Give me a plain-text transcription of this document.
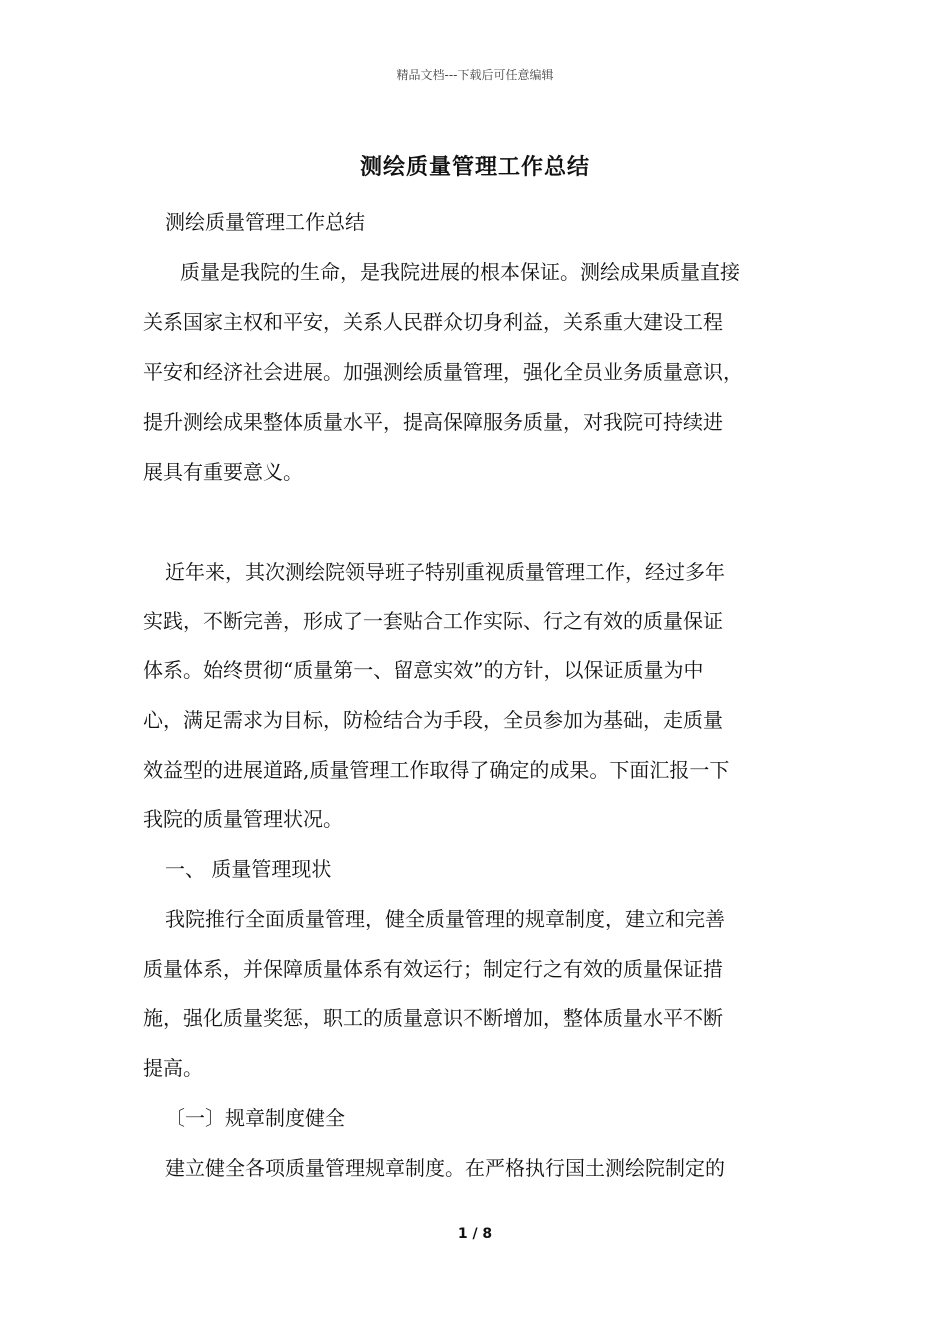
精品文档---下载后可任意编辑
测绘质量管理工作总结
测绘质量管理工作总结
质量是我院的生命，是我院进展的根本保证。测绘成果质量直接
关系国家主权和平安，关系人民群众切身利益，关系重大建设工程
平安和经济社会进展。加强测绘质量管理，强化全员业务质量意识，
提升测绘成果整体质量水平，提高保障服务质量，对我院可持续进
展具有重要意义。
近年来，其次测绘院领导班子特别重视质量管理工作，经过多年
实践，不断完善，形成了一套贴合工作实际、行之有效的质量保证
体系。始终贯彻“质量第一、留意实效”的方针，以保证质量为中
心，满足需求为目标，防检结合为手段，全员参加为基础，走质量
效益型的进展道路,质量管理工作取得了确定的成果。下面汇报一下
我院的质量管理状况。
一、 质量管理现状
我院推行全面质量管理，健全质量管理的规章制度，建立和完善
质量体系，并保障质量体系有效运行；制定行之有效的质量保证措
施，强化质量奖惩，职工的质量意识不断增加，整体质量水平不断
提高。
〔一〕规章制度健全
建立健全各项质量管理规章制度。在严格执行国土测绘院制定的
1 / 8
